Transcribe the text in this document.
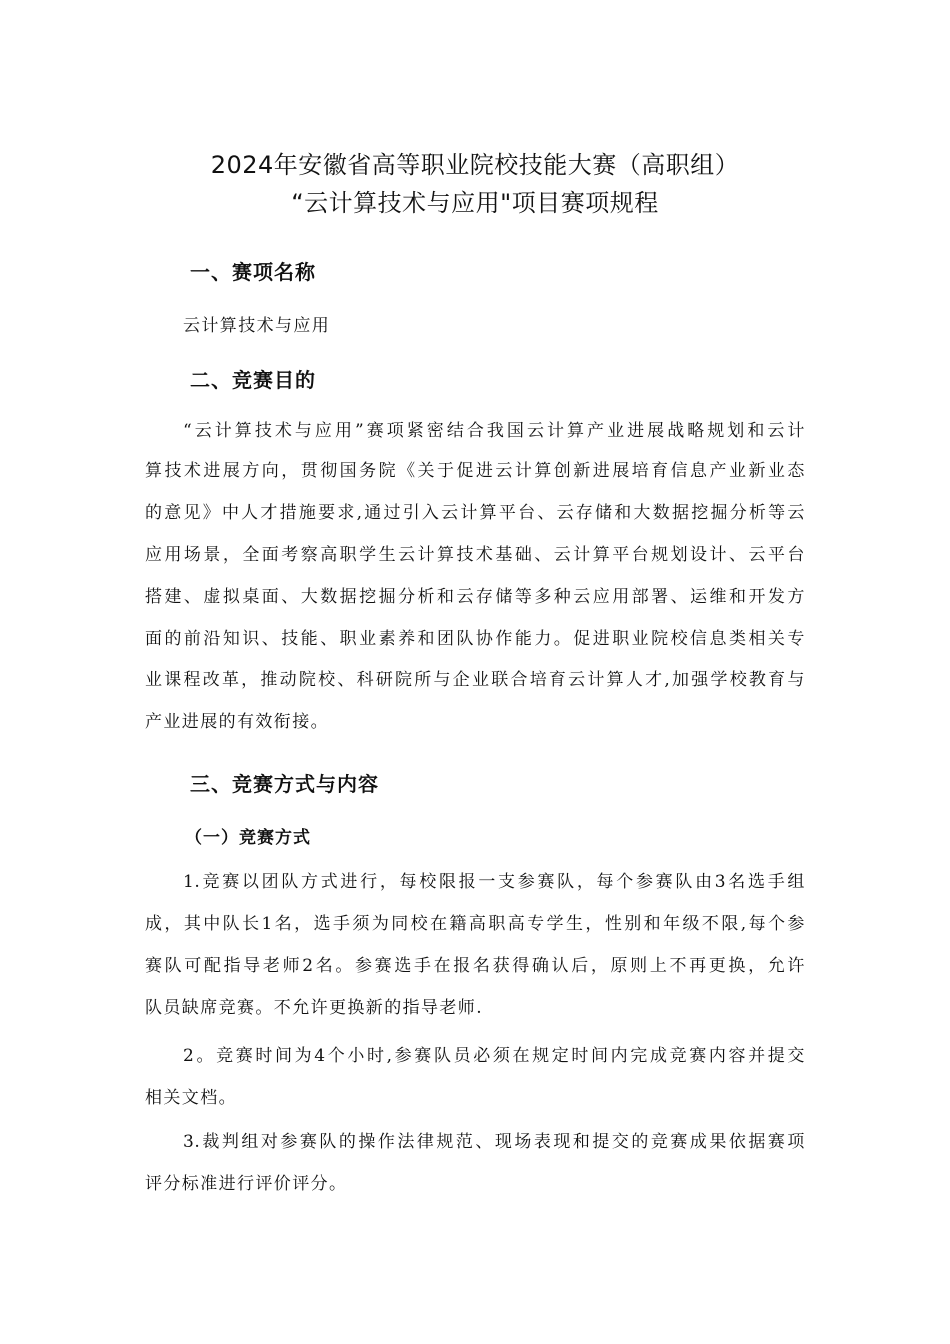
2024年安徽省高等职业院校技能大赛（高职组）
“云计算技术与应用"项目赛项规程
一、赛项名称
云计算技术与应用
二、竞赛目的
“云计算技术与应用”赛项紧密结合我国云计算产业进展战略规划和云计
算技术进展方向，贯彻国务院《关于促进云计算创新进展培育信息产业新业态
的意见》中人才措施要求,通过引入云计算平台、云存储和大数据挖掘分析等云
应用场景，全面考察高职学生云计算技术基础、云计算平台规划设计、云平台
搭建、虚拟桌面、大数据挖掘分析和云存储等多种云应用部署、运维和开发方
面的前沿知识、技能、职业素养和团队协作能力。促进职业院校信息类相关专
业课程改革，推动院校、科研院所与企业联合培育云计算人才,加强学校教育与
产业进展的有效衔接。
三、竞赛方式与内容
（一）竞赛方式
1.竞赛以团队方式进行，每校限报一支参赛队，每个参赛队由3名选手组
成，其中队长1名，选手须为同校在籍高职高专学生，性别和年级不限,每个参
赛队可配指导老师2名。参赛选手在报名获得确认后，原则上不再更换，允许
队员缺席竞赛。不允许更换新的指导老师.
2。竞赛时间为4个小时,参赛队员必须在规定时间内完成竞赛内容并提交
相关文档。
3.裁判组对参赛队的操作法律规范、现场表现和提交的竞赛成果依据赛项
评分标准进行评价评分。
